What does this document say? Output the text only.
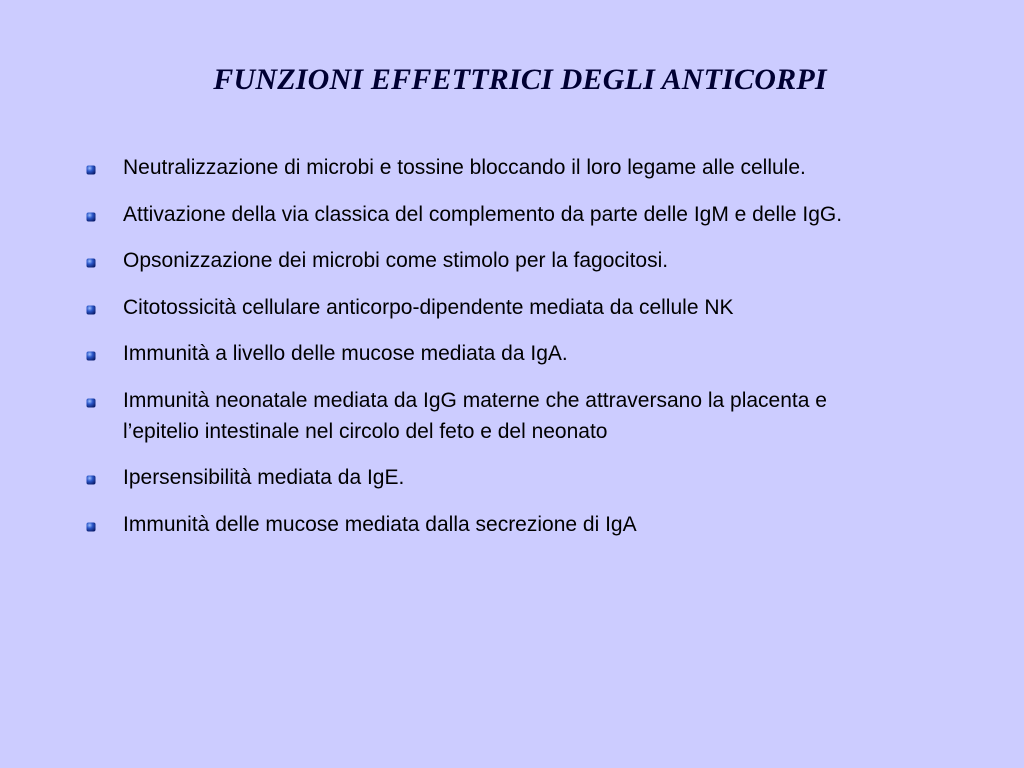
FUNZIONI EFFETTRICI DEGLI ANTICORPI
Neutralizzazione di microbi e tossine bloccando il loro legame alle cellule.
Attivazione della via classica del complemento da parte delle IgM e delle IgG.
Opsonizzazione dei microbi come stimolo per la fagocitosi.
Citotossicità cellulare anticorpo-dipendente mediata da cellule NK
Immunità a livello delle mucose mediata da IgA.
Immunità neonatale mediata da IgG materne che attraversano la placenta e l’epitelio intestinale nel circolo del feto e del neonato
Ipersensibilità mediata da IgE.
Immunità delle mucose mediata dalla secrezione di IgA
